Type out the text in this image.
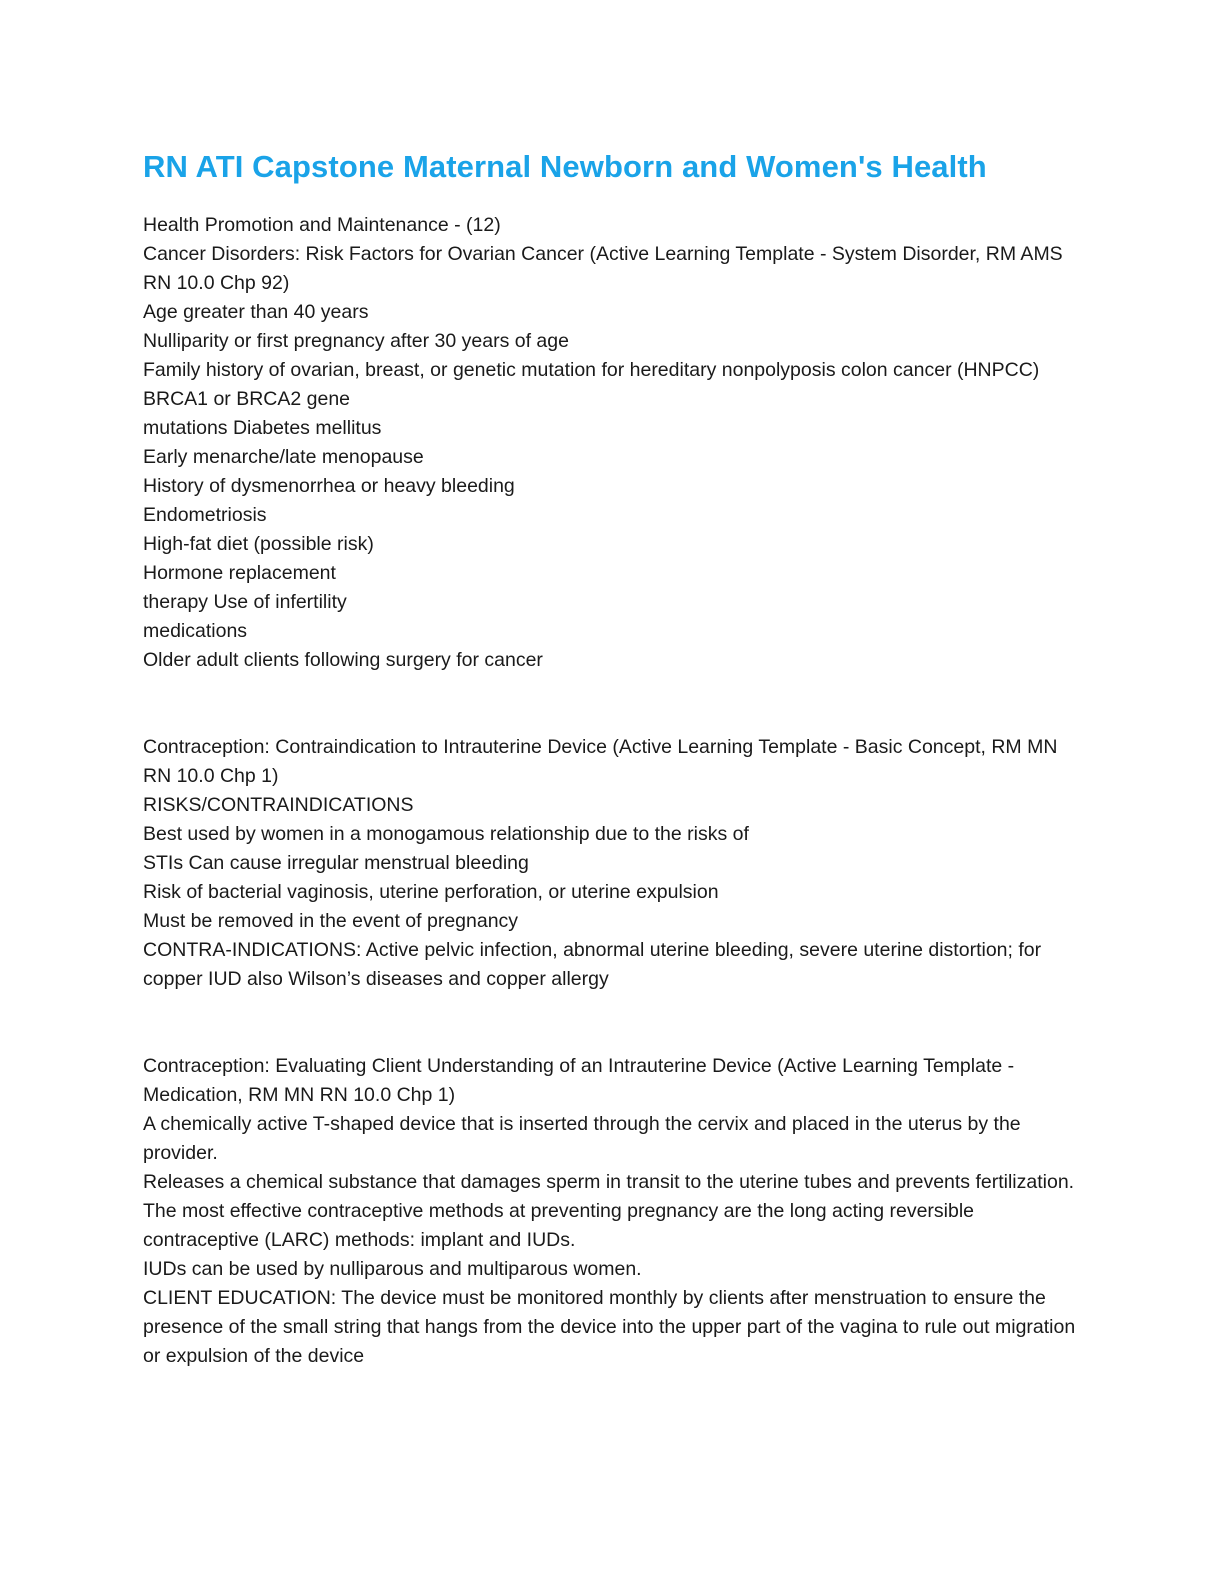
RN ATI Capstone Maternal Newborn and Women's Health

Health Promotion and Maintenance - (12)

Cancer Disorders: Risk Factors for Ovarian Cancer (Active Learning Template - System Disorder, RM AMS RN 10.0 Chp 92)

Age greater than 40 years

Nulliparity or first pregnancy after 30 years of age

Family history of ovarian, breast, or genetic mutation for hereditary nonpolyposis colon cancer (HNPCC)

BRCA1 or BRCA2 gene

mutations Diabetes mellitus

Early menarche/late menopause

History of dysmenorrhea or heavy bleeding

Endometriosis

High-fat diet (possible risk)

Hormone replacement

therapy Use of infertility

medications

Older adult clients following surgery for cancer

Contraception: Contraindication to Intrauterine Device (Active Learning Template - Basic Concept, RM MN RN 10.0 Chp 1)

RISKS/CONTRAINDICATIONS

Best used by women in a monogamous relationship due to the risks of

STIs Can cause irregular menstrual bleeding

Risk of bacterial vaginosis, uterine perforation, or uterine expulsion

Must be removed in the event of pregnancy

CONTRA-INDICATIONS: Active pelvic infection, abnormal uterine bleeding, severe uterine distortion; for copper IUD also Wilson’s diseases and copper allergy

Contraception: Evaluating Client Understanding of an Intrauterine Device (Active Learning Template - Medication, RM MN RN 10.0 Chp 1)

A chemically active T-shaped device that is inserted through the cervix and placed in the uterus by the provider.

Releases a chemical substance that damages sperm in transit to the uterine tubes and prevents fertilization. The most effective contraceptive methods at preventing pregnancy are the long acting reversible contraceptive (LARC) methods: implant and IUDs.

IUDs can be used by nulliparous and multiparous women.

CLIENT EDUCATION: The device must be monitored monthly by clients after menstruation to ensure the presence of the small string that hangs from the device into the upper part of the vagina to rule out migration or expulsion of the device
